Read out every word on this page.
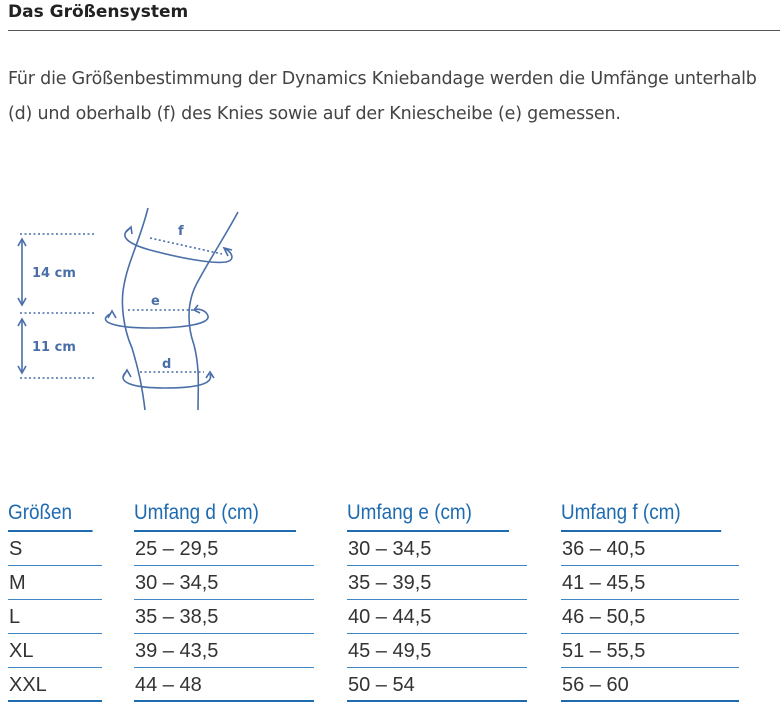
Das Größensystem
Für die Größenbestimmung der Dynamics Kniebandage werden die Umfänge unterhalb (d) und oberhalb (f) des Knies sowie auf der Kniescheibe (e) gemessen.
14 cm
11 cm
f
e
d
Größen
S
M
L
XL
XXL
Umfang d (cm)
25 – 29,5
30 – 34,5
35 – 38,5
39 – 43,5
44 – 48
Umfang e (cm)
30 – 34,5
35 – 39,5
40 – 44,5
45 – 49,5
50 – 54
Umfang f (cm)
36 – 40,5
41 – 45,5
46 – 50,5
51 – 55,5
56 – 60
